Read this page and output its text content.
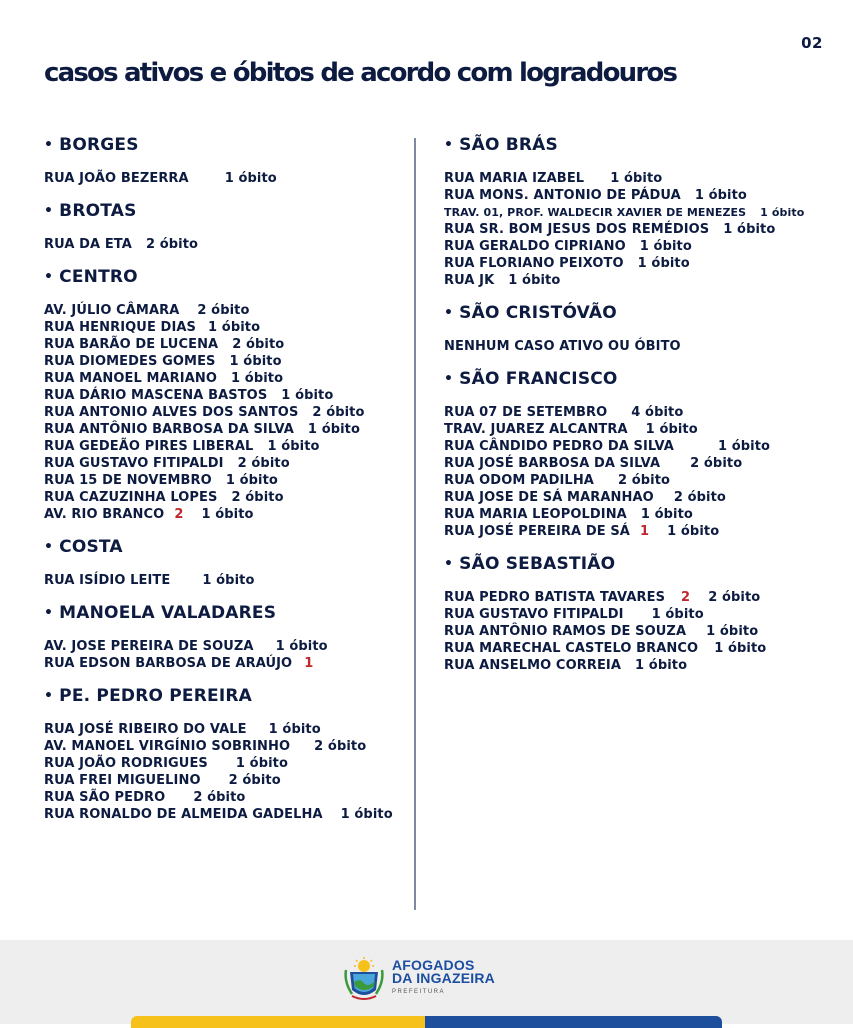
02
casos ativos e óbitos de acordo com logradouros
• BORGES
RUA JOÃO BEZERRA	1 óbito
• BROTAS
RUA DA ETA 2 óbito
• CENTRO
AV. JÚLIO CÂMARA 2 óbito
RUA HENRIQUE DIAS 1 óbito
RUA BARÃO DE LUCENA 2 óbito
RUA DIOMEDES GOMES 1 óbito
RUA MANOEL MARIANO 1 óbito
RUA DÁRIO MASCENA BASTOS 1 óbito
RUA ANTONIO ALVES DOS SANTOS 2 óbito
RUA ANTÔNIO BARBOSA DA SILVA 1 óbito
RUA GEDEÃO PIRES LIBERAL 1 óbito
RUA GUSTAVO FITIPALDI 2 óbito
RUA 15 DE NOVEMBRO 1 óbito
RUA CAZUZINHA LOPES 2 óbito
AV. RIO BRANCO 2 1 óbito
• COSTA
RUA ISÍDIO LEITE 1 óbito
• MANOELA VALADARES
AV. JOSE PEREIRA DE SOUZA 1 óbito
RUA EDSON BARBOSA DE ARAÚJO 1
• PE. PEDRO PEREIRA
RUA JOSÉ RIBEIRO DO VALE 1 óbito
AV. MANOEL VIRGÍNIO SOBRINHO 2 óbito
RUA JOÃO RODRIGUES 1 óbito
RUA FREI MIGUELINO 2 óbito
RUA SÃO PEDRO 2 óbito
RUA RONALDO DE ALMEIDA GADELHA 1 óbito
• SÃO BRÁS
RUA MARIA IZABEL 1 óbito
RUA MONS. ANTONIO DE PÁDUA 1 óbito
TRAV. 01, PROF. WALDECIR XAVIER DE MENEZES 1 óbito
RUA SR. BOM JESUS DOS REMÉDIOS 1 óbito
RUA GERALDO CIPRIANO 1 óbito
RUA FLORIANO PEIXOTO 1 óbito
RUA JK 1 óbito
• SÃO CRISTÓVÃO
NENHUM CASO ATIVO OU ÓBITO
• SÃO FRANCISCO
RUA 07 DE SETEMBRO 4 óbito
TRAV. JUAREZ ALCANTRA 1 óbito
RUA CÂNDIDO PEDRO DA SILVA	1 óbito
RUA JOSÉ BARBOSA DA SILVA 2 óbito
RUA ODOM PADILHA 2 óbito
RUA JOSE DE SÁ MARANHAO 2 óbito
RUA MARIA LEOPOLDINA 1 óbito
RUA JOSÉ PEREIRA DE SÁ 1 1 óbito
• SÃO SEBASTIÃO
RUA PEDRO BATISTA TAVARES 2 2 óbito
RUA GUSTAVO FITIPALDI 1 óbito
RUA ANTÔNIO RAMOS DE SOUZA 1 óbito
RUA MARECHAL CASTELO BRANCO 1 óbito
RUA ANSELMO CORREIA 1 óbito
AFOGADOS
DA INGAZEIRA
PREFEITURA
